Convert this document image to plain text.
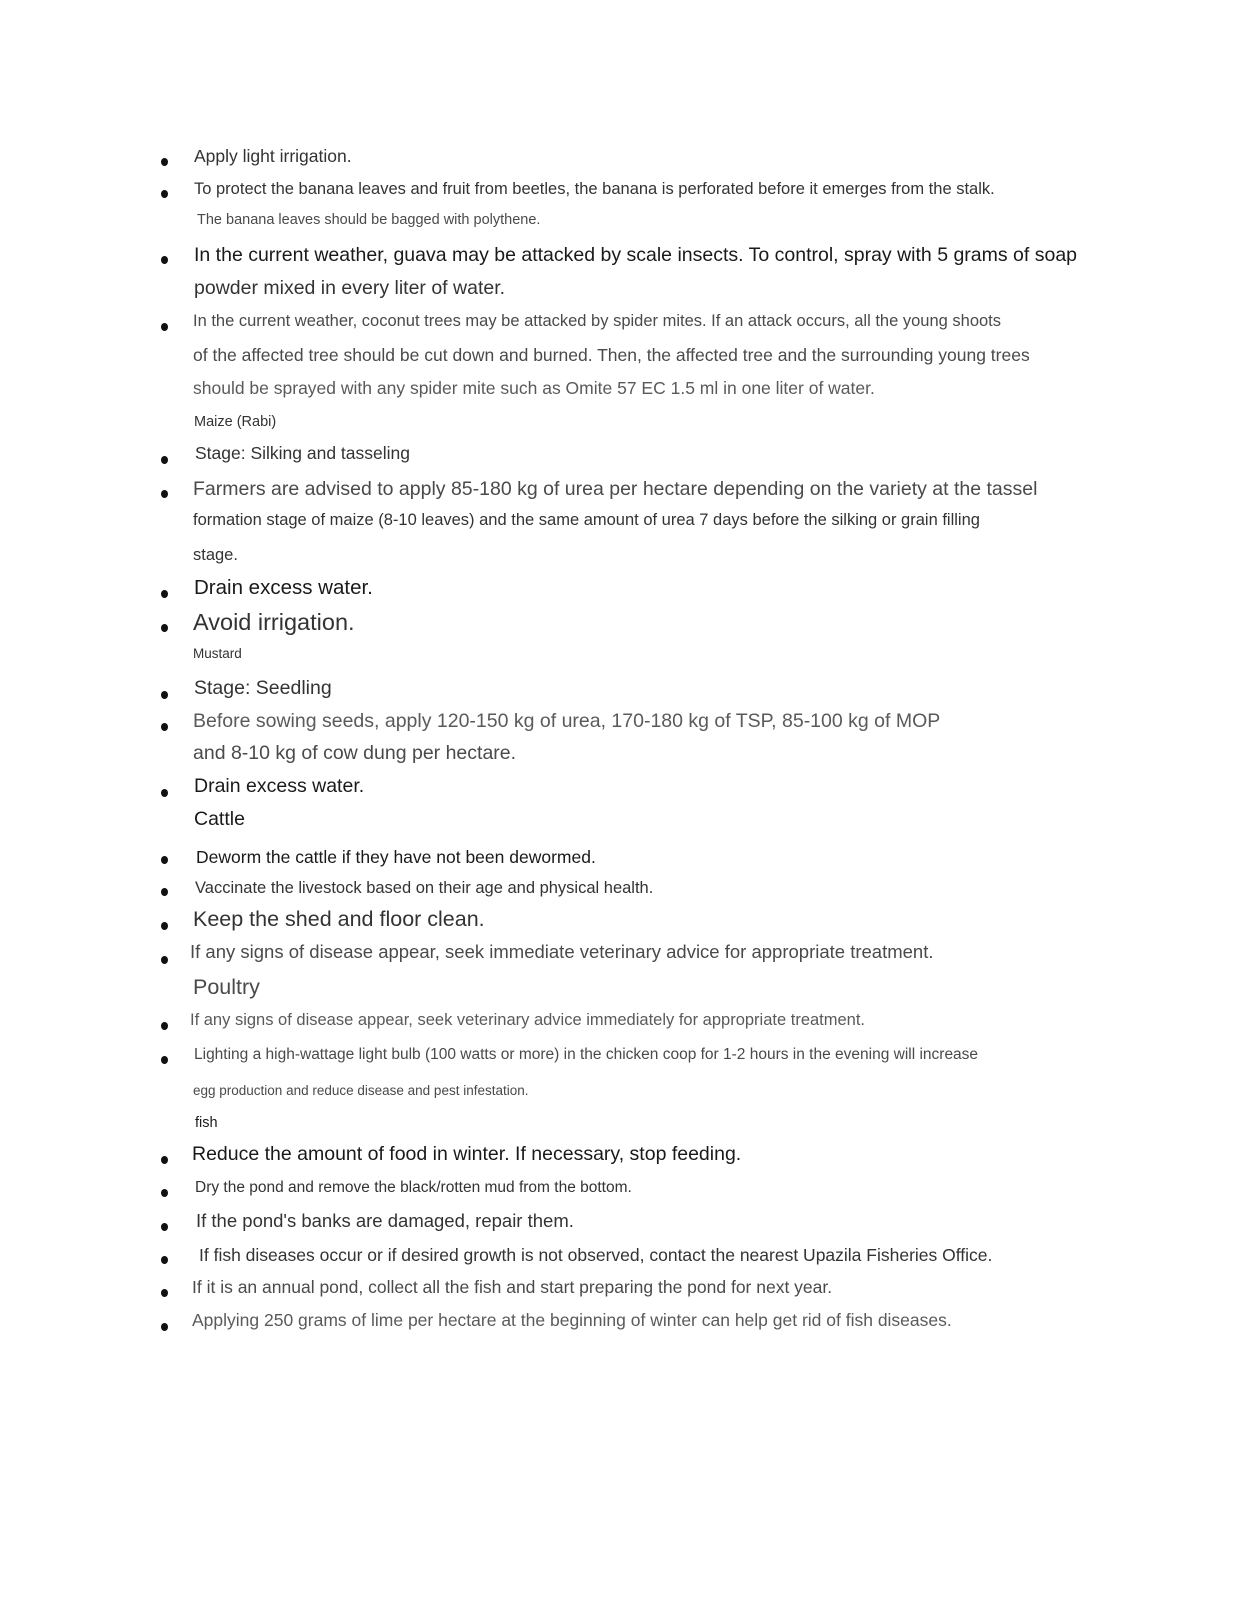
Apply light irrigation.
To protect the banana leaves and fruit from beetles, the banana is perforated before it emerges from the stalk.
The banana leaves should be bagged with polythene.
In the current weather, guava may be attacked by scale insects. To control, spray with 5 grams of soap
powder mixed in every liter of water.
In the current weather, coconut trees may be attacked by spider mites. If an attack occurs, all the young shoots
of the affected tree should be cut down and burned. Then, the affected tree and the surrounding young trees
should be sprayed with any spider mite such as Omite 57 EC 1.5 ml in one liter of water.
Maize (Rabi)
Stage: Silking and tasseling
Farmers are advised to apply 85-180 kg of urea per hectare depending on the variety at the tassel
formation stage of maize (8-10 leaves) and the same amount of urea 7 days before the silking or grain filling
stage.
Drain excess water.
Avoid irrigation.
Mustard
Stage: Seedling
Before sowing seeds, apply 120-150 kg of urea, 170-180 kg of TSP, 85-100 kg of MOP
and 8-10 kg of cow dung per hectare.
Drain excess water.
Cattle
Deworm the cattle if they have not been dewormed.
Vaccinate the livestock based on their age and physical health.
Keep the shed and floor clean.
If any signs of disease appear, seek immediate veterinary advice for appropriate treatment.
Poultry
If any signs of disease appear, seek veterinary advice immediately for appropriate treatment.
Lighting a high-wattage light bulb (100 watts or more) in the chicken coop for 1-2 hours in the evening will increase
egg production and reduce disease and pest infestation.
fish
Reduce the amount of food in winter. If necessary, stop feeding.
Dry the pond and remove the black/rotten mud from the bottom.
If the pond's banks are damaged, repair them.
If fish diseases occur or if desired growth is not observed, contact the nearest Upazila Fisheries Office.
If it is an annual pond, collect all the fish and start preparing the pond for next year.
Applying 250 grams of lime per hectare at the beginning of winter can help get rid of fish diseases.
